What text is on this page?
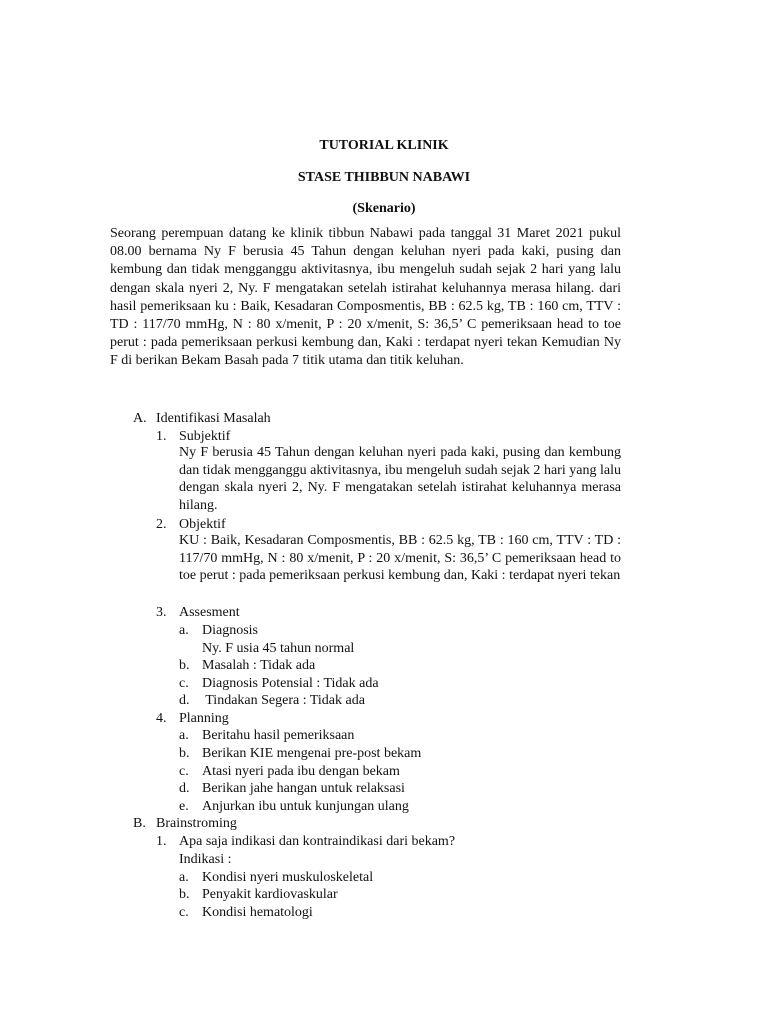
TUTORIAL KLINIK
STASE THIBBUN NABAWI
(Skenario)
Seorang perempuan datang ke klinik tibbun Nabawi pada tanggal 31 Maret 2021 pukul 08.00 bernama Ny F berusia 45 Tahun dengan keluhan nyeri pada kaki, pusing dan kembung dan tidak mengganggu aktivitasnya, ibu mengeluh sudah sejak 2 hari yang lalu dengan skala nyeri 2, Ny. F mengatakan setelah istirahat keluhannya merasa hilang. dari hasil pemeriksaan ku : Baik, Kesadaran Composmentis, BB : 62.5 kg, TB : 160 cm, TTV : TD : 117/70 mmHg, N : 80 x/menit, P : 20 x/menit, S: 36,5’ C pemeriksaan head to toe perut : pada pemeriksaan perkusi kembung dan, Kaki : terdapat nyeri tekan Kemudian Ny F di berikan Bekam Basah pada 7 titik utama dan titik keluhan.
A. Identifikasi Masalah
1. Subjektif
Ny F berusia 45 Tahun dengan keluhan nyeri pada kaki, pusing dan kembung dan tidak mengganggu aktivitasnya, ibu mengeluh sudah sejak 2 hari yang lalu dengan skala nyeri 2, Ny. F mengatakan setelah istirahat keluhannya merasa hilang.
2. Objektif
KU : Baik, Kesadaran Composmentis, BB : 62.5 kg, TB : 160 cm, TTV : TD : 117/70 mmHg, N : 80 x/menit, P : 20 x/menit, S: 36,5’ C pemeriksaan head to toe perut : pada pemeriksaan perkusi kembung dan, Kaki : terdapat nyeri tekan
3. Assesment
a. Diagnosis
Ny. F usia 45 tahun normal
b. Masalah : Tidak ada
c. Diagnosis Potensial : Tidak ada
d. Tindakan Segera : Tidak ada
4. Planning
a. Beritahu hasil pemeriksaan
b. Berikan KIE mengenai pre-post bekam
c. Atasi nyeri pada ibu dengan bekam
d. Berikan jahe hangan untuk relaksasi
e. Anjurkan ibu untuk kunjungan ulang
B. Brainstroming
1. Apa saja indikasi dan kontraindikasi dari bekam?
Indikasi :
a. Kondisi nyeri muskuloskeletal
b. Penyakit kardiovaskular
c. Kondisi hematologi
